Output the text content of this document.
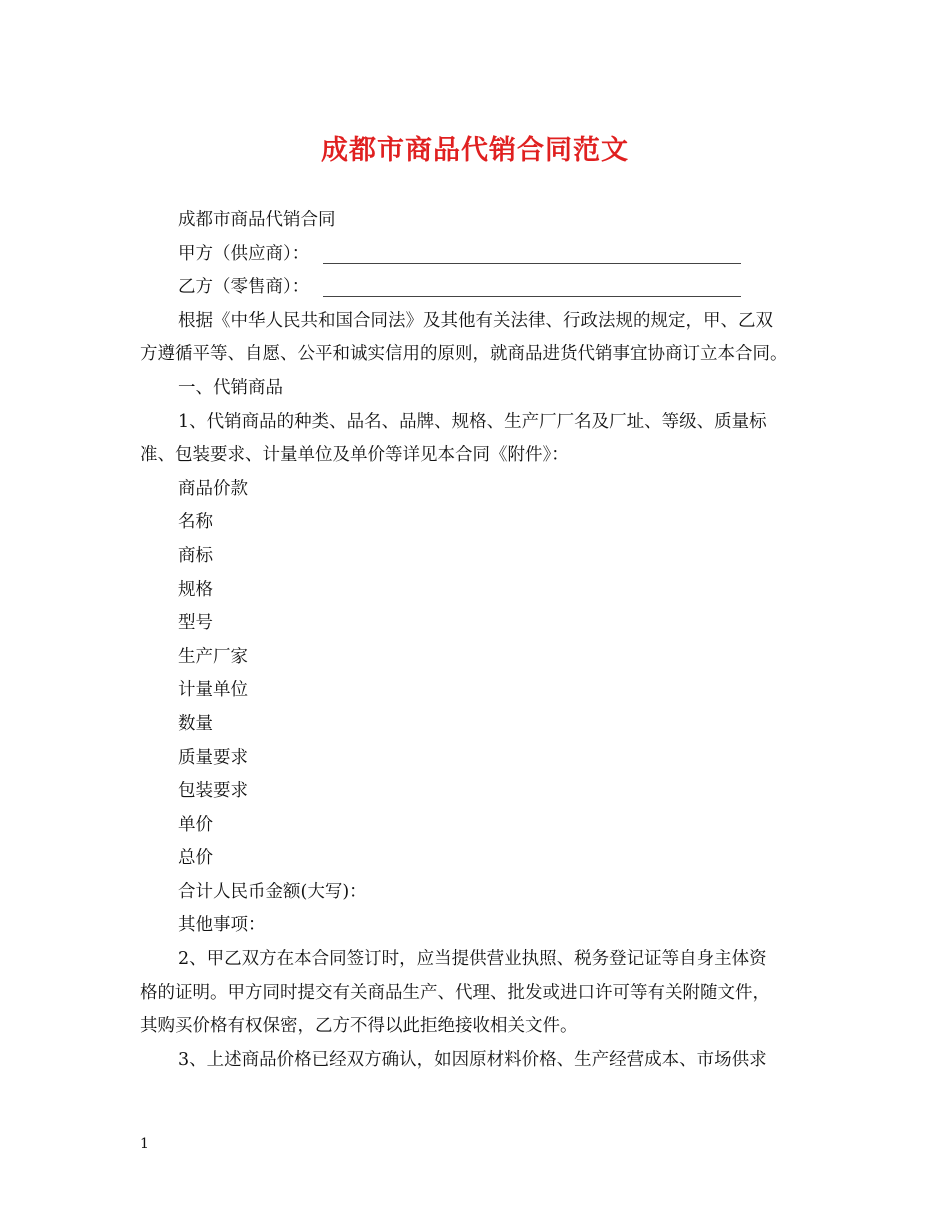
成都市商品代销合同范文

成都市商品代销合同

甲方（供应商）：
乙方（零售商）：

根据《中华人民共和国合同法》及其他有关法律、行政法规的规定，甲、乙双

方遵循平等、自愿、公平和诚实信用的原则，就商品进货代销事宜协商订立本合同。

一、代销商品

1、代销商品的种类、品名、品牌、规格、生产厂厂名及厂址、等级、质量标

准、包装要求、计量单位及单价等详见本合同《附件》：

商品价款

名称

商标

规格

型号

生产厂家

计量单位

数量

质量要求

包装要求

单价

总价

合计人民币金额(大写)：

其他事项：

2、甲乙双方在本合同签订时，应当提供营业执照、税务登记证等自身主体资

格的证明。甲方同时提交有关商品生产、代理、批发或进口许可等有关附随文件，

其购买价格有权保密，乙方不得以此拒绝接收相关文件。

3、上述商品价格已经双方确认，如因原材料价格、生产经营成本、市场供求

1
